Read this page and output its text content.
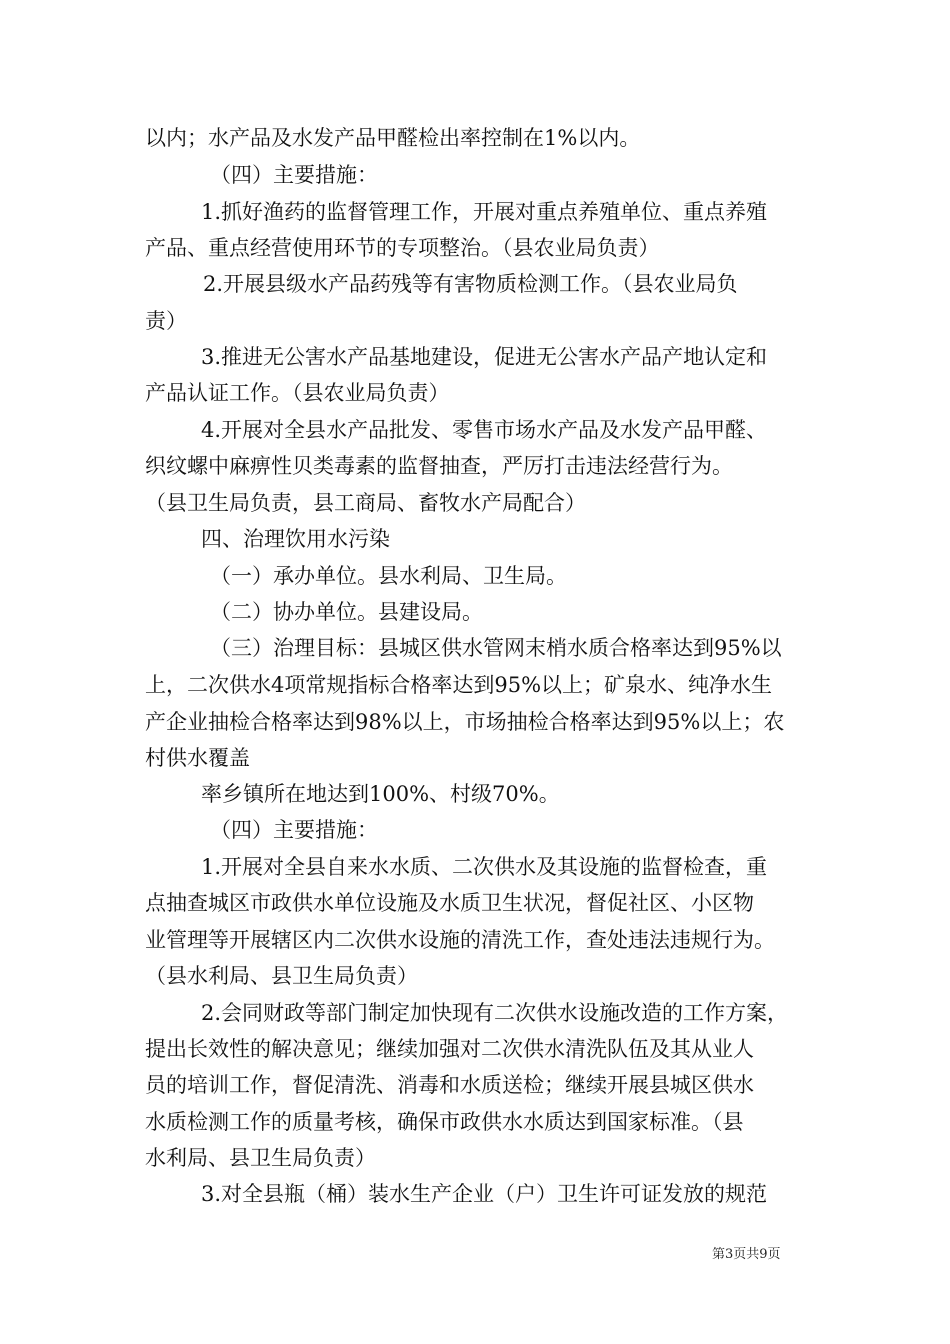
以内；水产品及水发产品甲醛检出率控制在1%以内。
（四）主要措施：
1.抓好渔药的监督管理工作，开展对重点养殖单位、重点养殖
产品、重点经营使用环节的专项整治。（县农业局负责）
2.开展县级水产品药残等有害物质检测工作。（县农业局负
责）
3.推进无公害水产品基地建设，促进无公害水产品产地认定和
产品认证工作。（县农业局负责）
4.开展对全县水产品批发、零售市场水产品及水发产品甲醛、
织纹螺中麻痹性贝类毒素的监督抽查，严厉打击违法经营行为。
（县卫生局负责，县工商局、畜牧水产局配合）
四、治理饮用水污染
（一）承办单位。县水利局、卫生局。
（二）协办单位。县建设局。
（三）治理目标：县城区供水管网末梢水质合格率达到95%以
上，二次供水4项常规指标合格率达到95%以上；矿泉水、纯净水生
产企业抽检合格率达到98%以上，市场抽检合格率达到95%以上；农
村供水覆盖
率乡镇所在地达到100%、村级70%。
（四）主要措施：
1.开展对全县自来水水质、二次供水及其设施的监督检查，重
点抽查城区市政供水单位设施及水质卫生状况，督促社区、小区物
业管理等开展辖区内二次供水设施的清洗工作，查处违法违规行为。
（县水利局、县卫生局负责）
2.会同财政等部门制定加快现有二次供水设施改造的工作方案，
提出长效性的解决意见；继续加强对二次供水清洗队伍及其从业人
员的培训工作，督促清洗、消毒和水质送检；继续开展县城区供水
水质检测工作的质量考核，确保市政供水水质达到国家标准。（县
水利局、县卫生局负责）
3.对全县瓶（桶）装水生产企业（户）卫生许可证发放的规范
第3页共9页
